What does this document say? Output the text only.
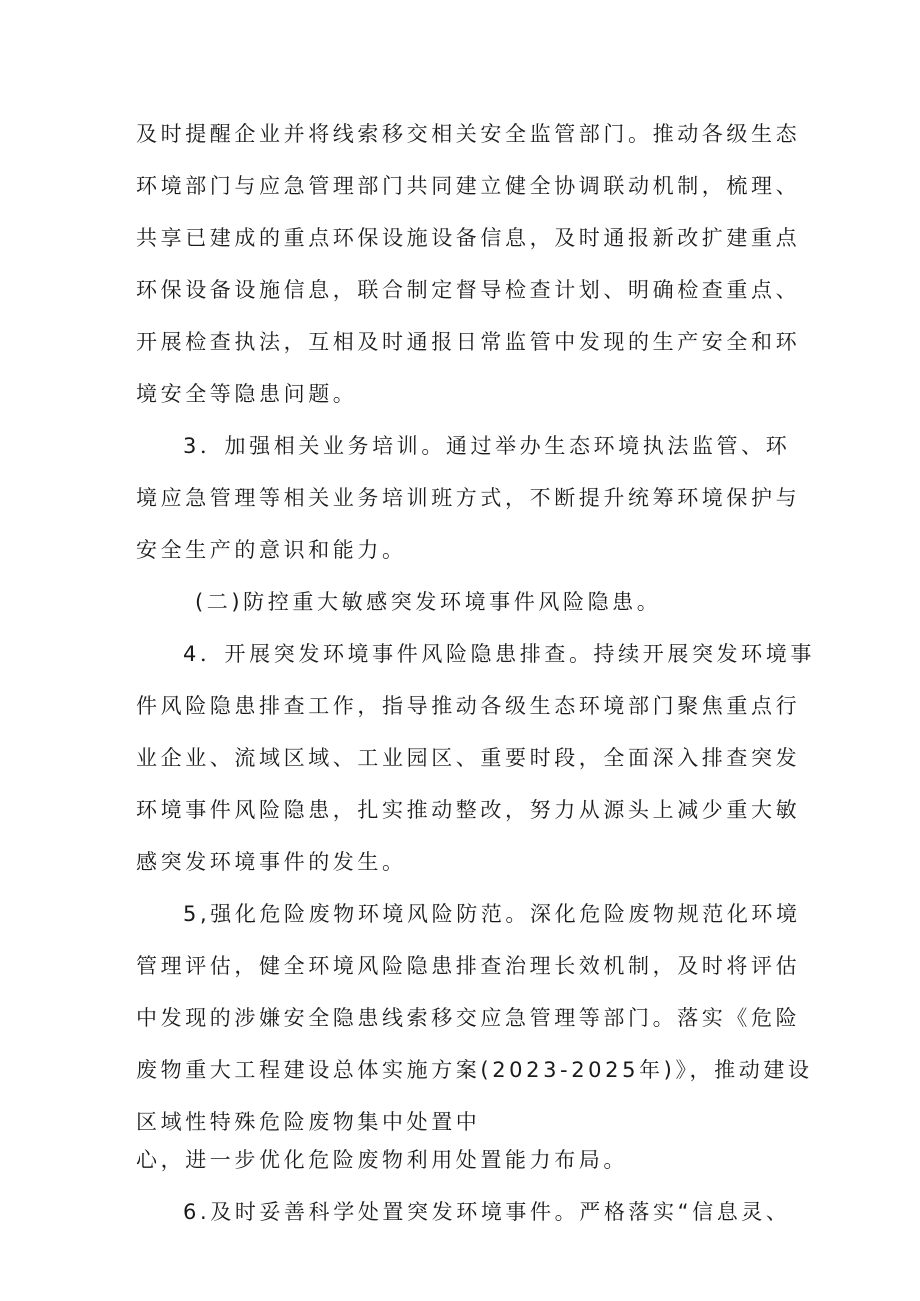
及时提醒企业并将线索移交相关安全监管部门。推动各级生态
环境部门与应急管理部门共同建立健全协调联动机制，梳理、
共享已建成的重点环保设施设备信息，及时通报新改扩建重点
环保设备设施信息，联合制定督导检查计划、明确检查重点、
开展检查执法，互相及时通报日常监管中发现的生产安全和环
境安全等隐患问题。
3．加强相关业务培训。通过举办生态环境执法监管、环
境应急管理等相关业务培训班方式，不断提升统筹环境保护与
安全生产的意识和能力。
(二)防控重大敏感突发环境事件风险隐患。
4．开展突发环境事件风险隐患排查。持续开展突发环境事
件风险隐患排查工作，指导推动各级生态环境部门聚焦重点行
业企业、流域区域、工业园区、重要时段，全面深入排查突发
环境事件风险隐患，扎实推动整改，努力从源头上减少重大敏
感突发环境事件的发生。
5,强化危险废物环境风险防范。深化危险废物规范化环境
管理评估，健全环境风险隐患排查治理长效机制，及时将评估
中发现的涉嫌安全隐患线索移交应急管理等部门。落实《危险
废物重大工程建设总体实施方案(2023-2025年)》，推动建设
区域性特殊危险废物集中处置中
心，进一步优化危险废物利用处置能力布局。
6.及时妥善科学处置突发环境事件。严格落实“信息灵、
